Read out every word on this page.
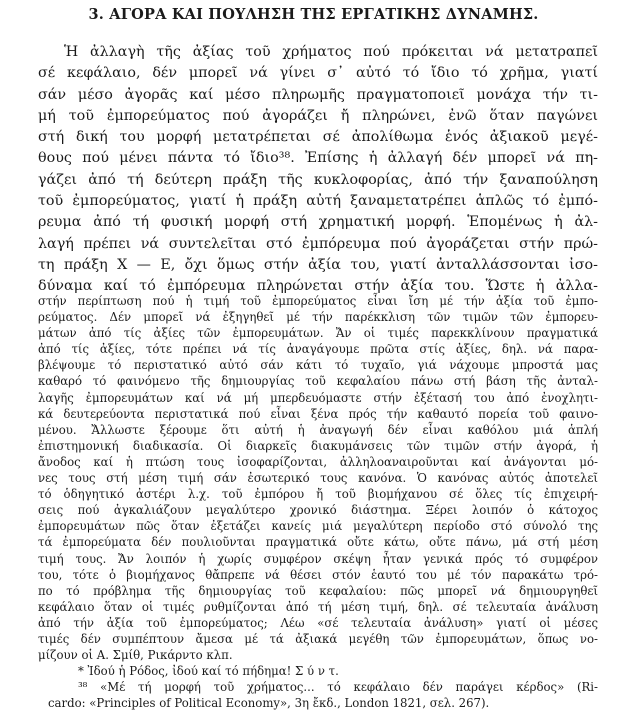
3. ΑΓΟΡΑ ΚΑΙ ΠΟΥΛΗΣΗ ΤΗΣ ΕΡΓΑΤΙΚΗΣ ΔΥΝΑΜΗΣ.
Ἡ ἀλλαγὴ τῆς ἀξίας τοῦ χρήματος πού πρόκειται νά μετατραπεῖ
σέ κεφάλαιο, δέν μπορεῖ νά γίνει σ᾽ αὐτό τό ἴδιο τό χρῆμα, γιατί
σάν μέσο ἀγορᾶς καί μέσο πληρωμῆς πραγματοποιεῖ μονάχα τήν τι-
μή τοῦ ἐμπορεύματος πού ἀγοράζει ἤ πληρώνει, ἐνῶ ὅταν παγώνει
στή δική του μορφή μετατρέπεται σέ ἀπολίθωμα ἑνός ἀξιακοῦ μεγέ-
θους πού μένει πάντα τό ἴδιο³⁸. Ἐπίσης ἡ ἀλλαγή δέν μπορεῖ νά πη-
γάζει ἀπό τή δεύτερη πράξη τῆς κυκλοφορίας, ἀπό τήν ξαναπούληση
τοῦ ἐμπορεύματος, γιατί ἡ πράξη αὐτή ξαναμετατρέπει ἁπλῶς τό ἐμπό-
ρευμα ἀπό τή φυσική μορφή στή χρηματική μορφή. Ἑπομένως ἡ ἀλ-
λαγή πρέπει νά συντελεῖται στό ἐμπόρευμα πού ἀγοράζεται στήν πρώ-
τη πράξη Χ — Ε, ὄχι ὅμως στήν ἀξία του, γιατί ἀνταλλάσσονται ἰσο-
δύναμα καί τό ἐμπόρευμα πληρώνεται στήν ἀξία του. Ὥστε ἡ ἀλλα-
στήν περίπτωση πού ἡ τιμή τοῦ ἐμπορεύματος εἶναι ἴση μέ τήν ἀξία τοῦ ἐμπο-
ρεύματος. Δέν μπορεῖ νά ἐξηγηθεῖ μέ τήν παρέκκλιση τῶν τιμῶν τῶν ἐμπορευ-
μάτων ἀπό τίς ἀξίες τῶν ἐμπορευμάτων. Ἄν οἱ τιμές παρεκκλίνουν πραγματικά
ἀπό τίς ἀξίες, τότε πρέπει νά τίς ἀναγάγουμε πρῶτα στίς ἀξίες, δηλ. νά παρα-
βλέψουμε τό περιστατικό αὐτό σάν κάτι τό τυχαῖο, γιά νάχουμε μπροστά μας
καθαρό τό φαινόμενο τῆς δημιουργίας τοῦ κεφαλαίου πάνω στή βάση τῆς ἀνταλ-
λαγῆς ἐμπορευμάτων καί νά μή μπερδευόμαστε στήν ἐξέτασή του ἀπό ἐνοχλητι-
κά δευτερεύοντα περιστατικά πού εἶναι ξένα πρός τήν καθαυτό πορεία τοῦ φαινο-
μένου. Ἄλλωστε ξέρουμε ὅτι αὐτή ἡ ἀναγωγή δέν εἶναι καθόλου μιά ἁπλή
ἐπιστημονική διαδικασία. Οἱ διαρκεῖς διακυμάνσεις τῶν τιμῶν στήν ἀγορά, ἡ
ἄνοδος καί ἡ πτώση τους ἰσοφαρίζονται, ἀλληλοαναιροῦνται καί ἀνάγονται μό-
νες τους στή μέση τιμή σάν ἐσωτερικό τους κανόνα. Ὁ κανόνας αὐτός ἀποτελεῖ
τό ὁδηγητικό ἀστέρι λ.χ. τοῦ ἐμπόρου ἤ τοῦ βιομήχανου σέ ὅλες τίς ἐπιχειρή-
σεις πού ἀγκαλιάζουν μεγαλύτερο χρονικό διάστημα. Ξέρει λοιπόν ὁ κάτοχος
ἐμπορευμάτων πῶς ὅταν ἐξετάζει κανείς μιά μεγαλύτερη περίοδο στό σύνολό της
τά ἐμπορεύματα δέν πουλιοῦνται πραγματικά οὔτε κάτω, οὔτε πάνω, μά στή μέση
τιμή τους. Ἄν λοιπόν ἡ χωρίς συμφέρον σκέψη ἦταν γενικά πρός τό συμφέρον
του, τότε ὁ βιομήχανος θἄπρεπε νά θέσει στόν ἑαυτό του μέ τόν παρακάτω τρό-
πο τό πρόβλημα τῆς δημιουργίας τοῦ κεφαλαίου: πῶς μπορεῖ νά δημιουργηθεῖ
κεφάλαιο ὅταν οἱ τιμές ρυθμίζονται ἀπό τή μέση τιμή, δηλ. σέ τελευταία ἀνάλυση
ἀπό τήν ἀξία τοῦ ἐμπορεύματος; Λέω «σέ τελευταία ἀνάλυση» γιατί οἱ μέσες
τιμές δέν συμπέπτουν ἄμεσα μέ τά ἀξιακά μεγέθη τῶν ἐμπορευμάτων, ὅπως νο-
μίζουν οἱ Α. Σμίθ, Ρικάρντο κλπ.
* Ἰδού ἡ Ρόδος, ἰδού καί τό πήδημα! Σ ύ ν τ.
³⁸ «Μέ τή μορφή τοῦ χρήματος... τό κεφάλαιο δέν παράγει κέρδος» (Ri-
cardo: «Principles of Political Economy», 3η ἔκδ., London 1821, σελ. 267).
